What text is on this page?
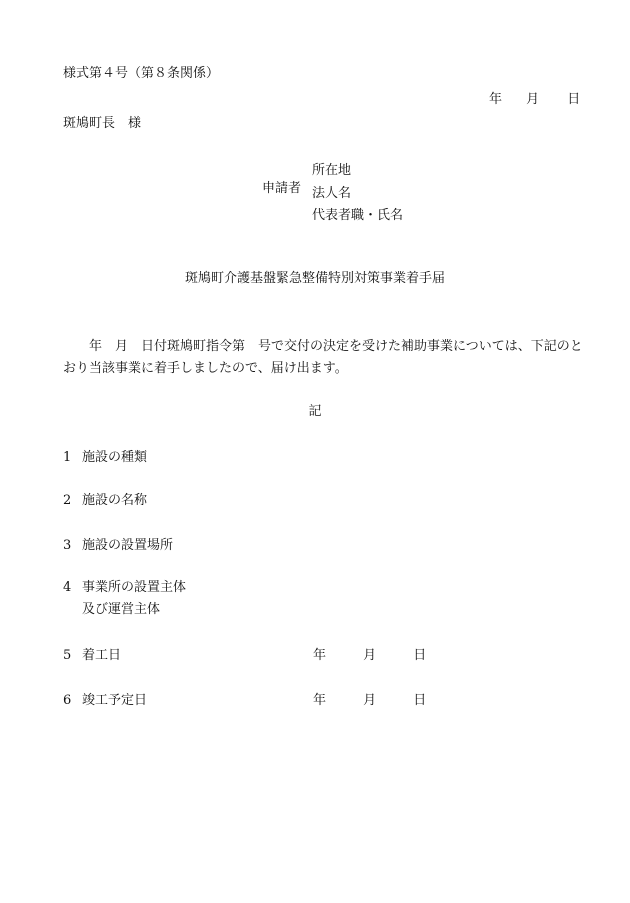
様式第４号（第８条関係）
年 月 日
斑鳩町長　様
申請者
所在地
法人名
代表者職・氏名
斑鳩町介護基盤緊急整備特別対策事業着手届
年　月　日付斑鳩町指令第　号で交付の決定を受けた補助事業については、下記のとおり当該事業に着手しましたので、届け出ます。
記
1 施設の種類
2 施設の名称
3 施設の設置場所
4 事業所の設置主体
及び運営主体
5 着工日	年	月	日
6 竣工予定日	年	月	日
